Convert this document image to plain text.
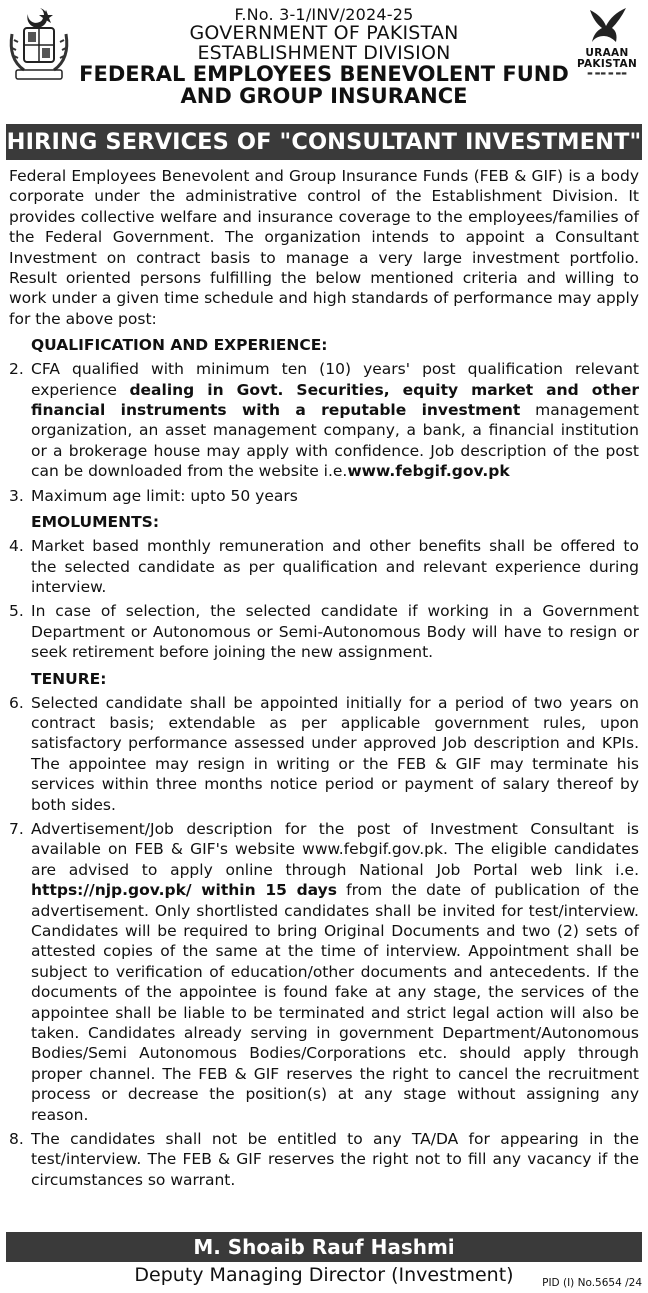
F.No. 3-1/INV/2024-25
GOVERNMENT OF PAKISTAN
ESTABLISHMENT DIVISION
FEDERAL EMPLOYEES BENEVOLENT FUND
AND GROUP INSURANCE
URAAN PAKISTAN
▬ ▬▬ ▬ ▬▬
HIRING SERVICES OF "CONSULTANT INVESTMENT"

Federal Employees Benevolent and Group Insurance Funds (FEB & GIF) is a body corporate under the administrative control of the Establishment Division. It provides collective welfare and insurance coverage to the employees/families of the Federal Government. The organization intends to appoint a Consultant Investment on contract basis to manage a very large investment portfolio. Result oriented persons fulfilling the below mentioned criteria and willing to work under a given time schedule and high standards of performance may apply for the above post:

QUALIFICATION AND EXPERIENCE:
2. CFA qualified with minimum ten (10) years' post qualification relevant experience dealing in Govt. Securities, equity market and other financial instruments with a reputable investment management organization, an asset management company, a bank, a financial institution or a brokerage house may apply with confidence. Job description of the post can be downloaded from the website i.e.www.febgif.gov.pk
3. Maximum age limit: upto 50 years
EMOLUMENTS:
4. Market based monthly remuneration and other benefits shall be offered to the selected candidate as per qualification and relevant experience during interview.
5. In case of selection, the selected candidate if working in a Government Department or Autonomous or Semi-Autonomous Body will have to resign or seek retirement before joining the new assignment.
TENURE:
6. Selected candidate shall be appointed initially for a period of two years on contract basis; extendable as per applicable government rules, upon satisfactory performance assessed under approved Job description and KPIs. The appointee may resign in writing or the FEB & GIF may terminate his services within three months notice period or payment of salary thereof by both sides.
7. Advertisement/Job description for the post of Investment Consultant is available on FEB & GIF's website www.febgif.gov.pk. The eligible candidates are advised to apply online through National Job Portal web link i.e. https://njp.gov.pk/ within 15 days from the date of publication of the advertisement. Only shortlisted candidates shall be invited for test/interview. Candidates will be required to bring Original Documents and two (2) sets of attested copies of the same at the time of interview. Appointment shall be subject to verification of education/other documents and antecedents. If the documents of the appointee is found fake at any stage, the services of the appointee shall be liable to be terminated and strict legal action will also be taken. Candidates already serving in government Department/Autonomous Bodies/Semi Autonomous Bodies/Corporations etc. should apply through proper channel. The FEB & GIF reserves the right to cancel the recruitment process or decrease the position(s) at any stage without assigning any reason.
8. The candidates shall not be entitled to any TA/DA for appearing in the test/interview. The FEB & GIF reserves the right not to fill any vacancy if the circumstances so warrant.
M. Shoaib Rauf Hashmi
Deputy Managing Director (Investment)	PID (I) No.5654 /24
